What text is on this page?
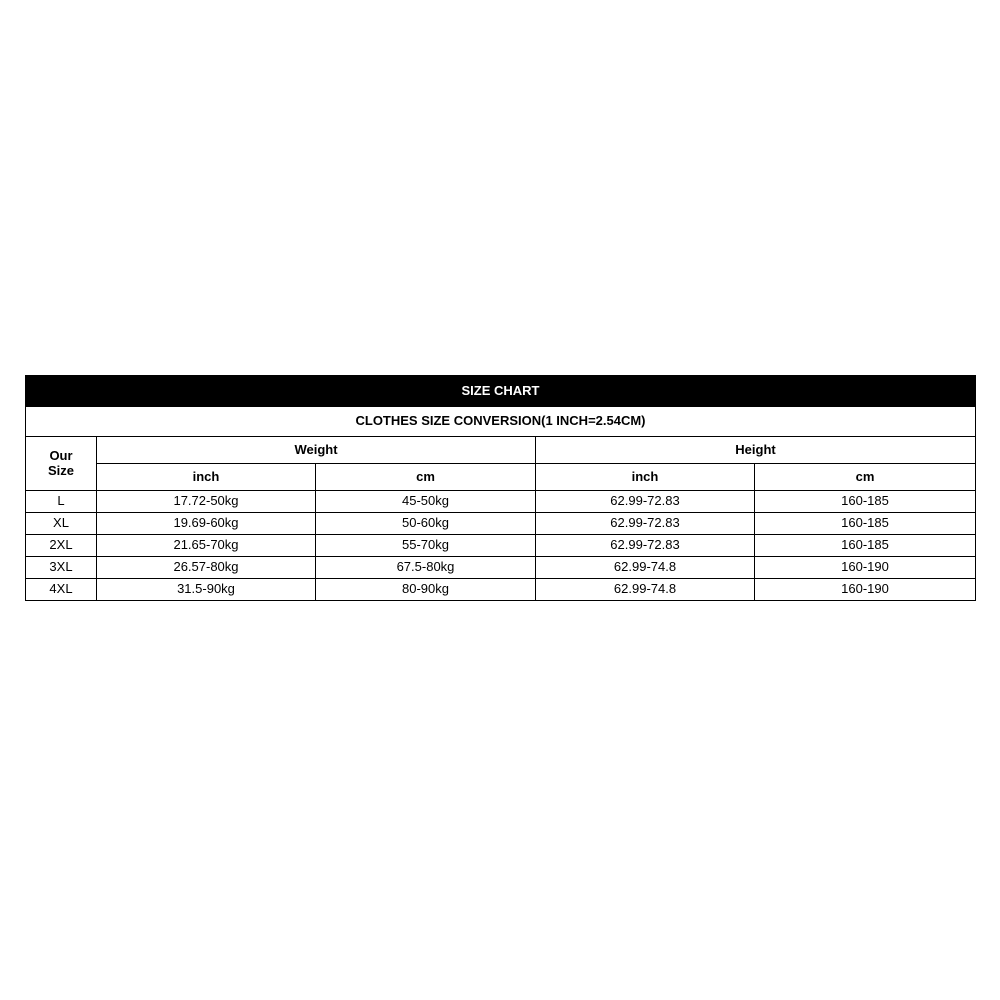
SIZE CHART				
CLOTHES SIZE CONVERSION(1 INCH=2.54CM)				

Our
Size	Weight		Height	
	inch	cm	inch	cm
L	17.72-50kg	45-50kg	62.99-72.83	160-185
XL	19.69-60kg	50-60kg	62.99-72.83	160-185
2XL	21.65-70kg	55-70kg	62.99-72.83	160-185
3XL	26.57-80kg	67.5-80kg	62.99-74.8	160-190
4XL	31.5-90kg	80-90kg	62.99-74.8	160-190
